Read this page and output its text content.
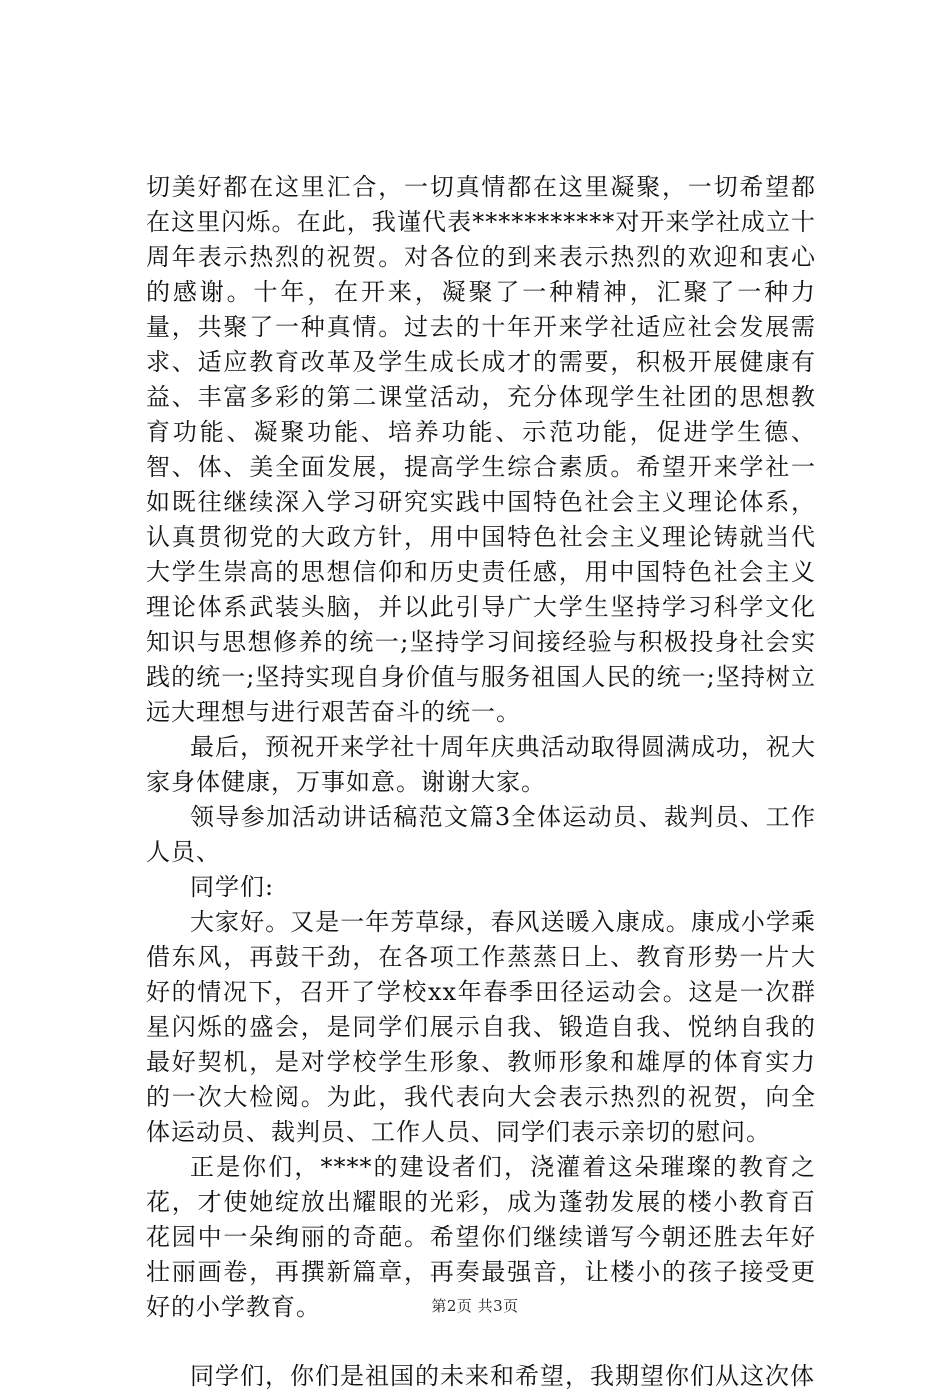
切美好都在这里汇合，一切真情都在这里凝聚，一切希望都在这里闪烁。在此，我谨代表***********对开来学社成立十周年表示热烈的祝贺。对各位的到来表示热烈的欢迎和衷心的感谢。十年，在开来，凝聚了一种精神，汇聚了一种力量，共聚了一种真情。过去的十年开来学社适应社会发展需求、适应教育改革及学生成长成才的需要，积极开展健康有益、丰富多彩的第二课堂活动，充分体现学生社团的思想教育功能、凝聚功能、培养功能、示范功能，促进学生德、智、体、美全面发展，提高学生综合素质。希望开来学社一如既往继续深入学习研究实践中国特色社会主义理论体系，认真贯彻党的大政方针，用中国特色社会主义理论铸就当代大学生崇高的思想信仰和历史责任感，用中国特色社会主义理论体系武装头脑，并以此引导广大学生坚持学习科学文化知识与思想修养的统一;坚持学习间接经验与积极投身社会实践的统一;坚持实现自身价值与服务祖国人民的统一;坚持树立远大理想与进行艰苦奋斗的统一。

最后，预祝开来学社十周年庆典活动取得圆满成功，祝大家身体健康，万事如意。谢谢大家。

领导参加活动讲话稿范文篇3全体运动员、裁判员、工作人员、

同学们:

大家好。又是一年芳草绿，春风送暖入康成。康成小学乘借东风，再鼓干劲，在各项工作蒸蒸日上、教育形势一片大好的情况下，召开了学校xx年春季田径运动会。这是一次群星闪烁的盛会，是同学们展示自我、锻造自我、悦纳自我的最好契机，是对学校学生形象、教师形象和雄厚的体育实力的一次大检阅。为此，我代表向大会表示热烈的祝贺，向全体运动员、裁判员、工作人员、同学们表示亲切的慰问。

正是你们，****的建设者们，浇灌着这朵璀璨的教育之花，才使她绽放出耀眼的光彩，成为蓬勃发展的楼小教育百花园中一朵绚丽的奇葩。希望你们继续谱写今朝还胜去年好壮丽画卷，再撰新篇章，再奏最强音，让楼小的孩子接受更好的小学教育。

同学们，你们是祖国的未来和希望，我期望你们从这次体

第2页 共3页
